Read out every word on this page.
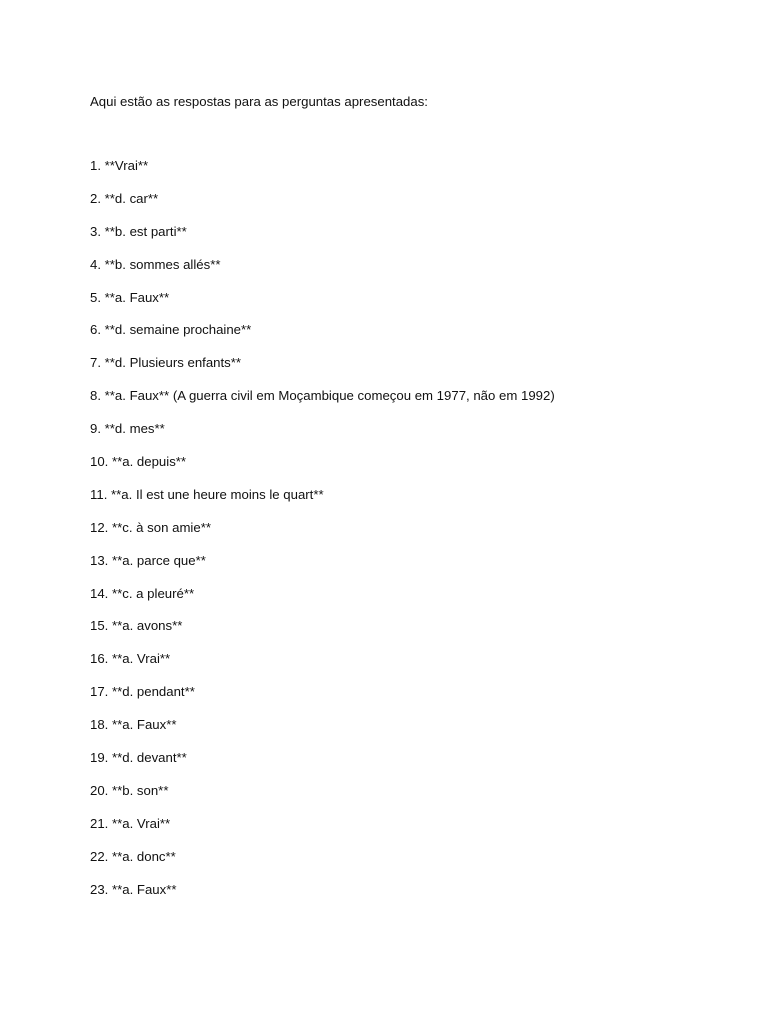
Aqui estão as respostas para as perguntas apresentadas:

1. **Vrai**
2. **d. car**
3. **b. est parti**
4. **b. sommes allés**
5. **a. Faux**
6. **d. semaine prochaine**
7. **d. Plusieurs enfants**
8. **a. Faux** (A guerra civil em Moçambique começou em 1977, não em 1992)
9. **d. mes**
10. **a. depuis**
11. **a. Il est une heure moins le quart**
12. **c. à son amie**
13. **a. parce que**
14. **c. a pleuré**
15. **a. avons**
16. **a. Vrai**
17. **d. pendant**
18. **a. Faux**
19. **d. devant**
20. **b. son**
21. **a. Vrai**
22. **a. donc**
23. **a. Faux**
